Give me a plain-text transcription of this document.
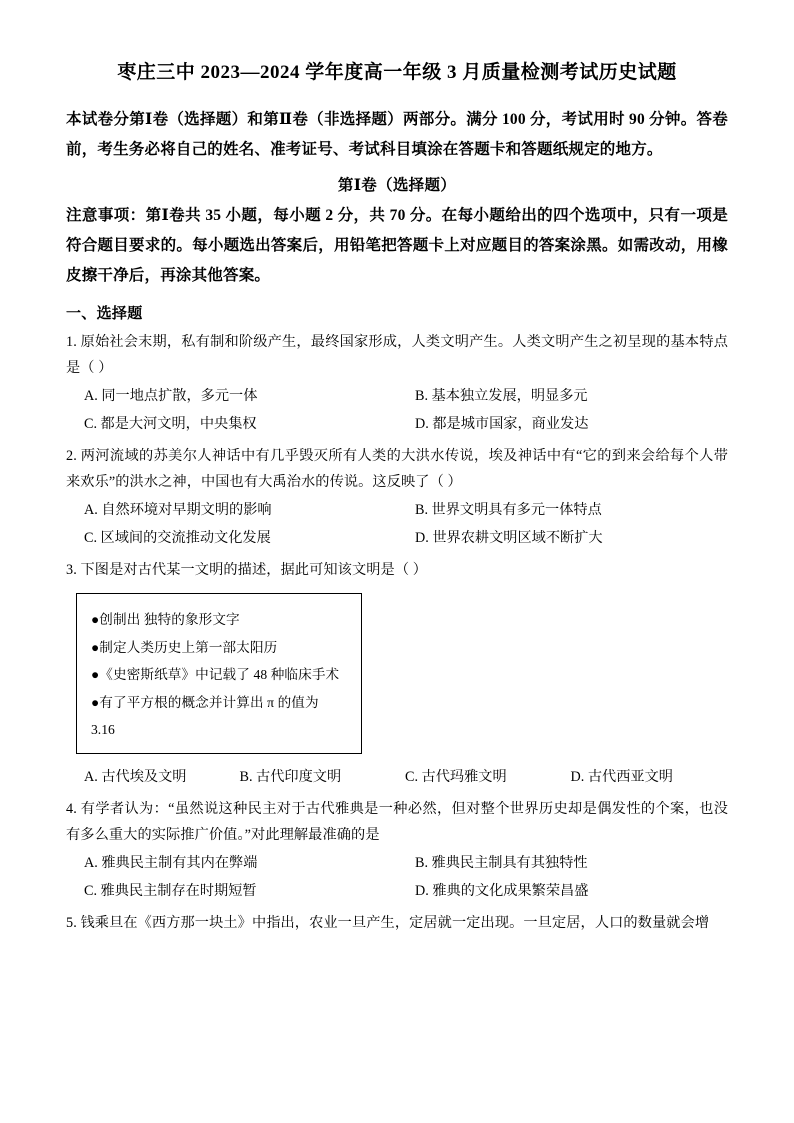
枣庄三中 2023—2024 学年度高一年级 3 月质量检测考试历史试题

本试卷分第Ⅰ卷（选择题）和第Ⅱ卷（非选择题）两部分。满分 100 分，考试用时 90 分钟。答卷前，考生务必将自己的姓名、准考证号、考试科目填涂在答题卡和答题纸规定的地方。

第Ⅰ卷（选择题）

注意事项：第Ⅰ卷共 35 小题，每小题 2 分，共 70 分。在每小题给出的四个选项中，只有一项是符合题目要求的。每小题选出答案后，用铅笔把答题卡上对应题目的答案涂黑。如需改动，用橡皮擦干净后，再涂其他答案。

一、选择题

1. 原始社会末期，私有制和阶级产生，最终国家形成，人类文明产生。人类文明产生之初呈现的基本特点是（ ）

A. 同一地点扩散，多元一体	B. 基本独立发展，明显多元
C. 都是大河文明，中央集权	D. 都是城市国家，商业发达

2. 两河流域的苏美尔人神话中有几乎毁灭所有人类的大洪水传说，埃及神话中有“它的到来会给每个人带来欢乐”的洪水之神，中国也有大禹治水的传说。这反映了（ ）

A. 自然环境对早期文明的影响	B. 世界文明具有多元一体特点
C. 区域间的交流推动文化发展	D. 世界农耕文明区域不断扩大

3. 下图是对古代某一文明的描述，据此可知该文明是（ ）

●创制出 独特的象形文字
●制定人类历史上第一部太阳历
●《史密斯纸草》中记载了 48 种临床手术
●有了平方根的概念并计算出 π 的值为
3.16
A. 古代埃及文明	B. 古代印度文明	C. 古代玛雅文明	D. 古代西亚文明

4. 有学者认为：“虽然说这种民主对于古代雅典是一种必然，但对整个世界历史却是偶发性的个案，也没有多么重大的实际推广价值。”对此理解最准确的是

A. 雅典民主制有其内在弊端	B. 雅典民主制具有其独特性
C. 雅典民主制存在时期短暂	D. 雅典的文化成果繁荣昌盛

5. 钱乘旦在《西方那一块土》中指出，农业一旦产生，定居就一定出现。一旦定居，人口的数量就会增
